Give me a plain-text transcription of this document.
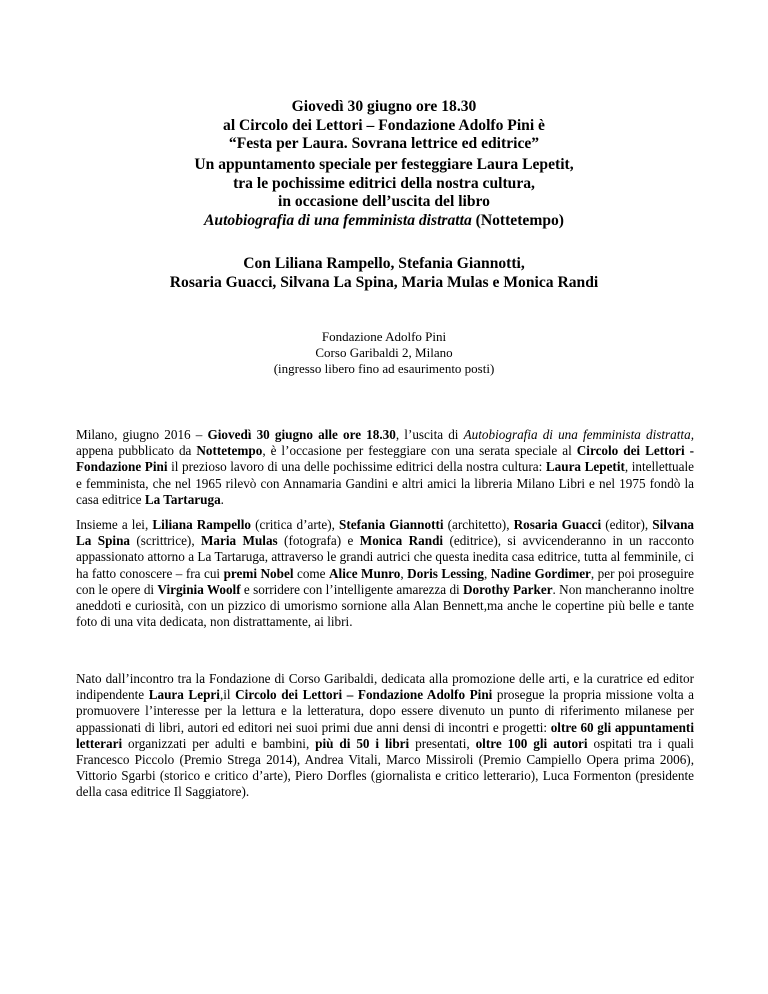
Giovedì 30 giugno ore 18.30
al Circolo dei Lettori – Fondazione Adolfo Pini è
“Festa per Laura. Sovrana lettrice ed editrice”
Un appuntamento speciale per festeggiare Laura Lepetit,
tra le pochissime editrici della nostra cultura,
in occasione dell’uscita del libro
Autobiografia di una femminista distratta (Nottetempo)
Con Liliana Rampello, Stefania Giannotti,
Rosaria Guacci, Silvana La Spina, Maria Mulas e Monica Randi
Fondazione Adolfo Pini
Corso Garibaldi 2, Milano
(ingresso libero fino ad esaurimento posti)

Milano, giugno 2016 – Giovedì 30 giugno alle ore 18.30, l’uscita di Autobiografia di una femminista distratta, appena pubblicato da Nottetempo, è l’occasione per festeggiare con una serata speciale al Circolo dei Lettori - Fondazione Pini il prezioso lavoro di una delle pochissime editrici della nostra cultura: Laura Lepetit, intellettuale e femminista, che nel 1965 rilevò con Annamaria Gandini e altri amici la libreria Milano Libri e nel 1975 fondò la casa editrice La Tartaruga.

Insieme a lei, Liliana Rampello (critica d’arte), Stefania Giannotti (architetto), Rosaria Guacci (editor), Silvana La Spina (scrittrice), Maria Mulas (fotografa) e Monica Randi (editrice), si avvicenderanno in un racconto appassionato attorno a La Tartaruga, attraverso le grandi autrici che questa inedita casa editrice, tutta al femminile, ci ha fatto conoscere – fra cui premi Nobel come Alice Munro, Doris Lessing, Nadine Gordimer, per poi proseguire con le opere di Virginia Woolf e sorridere con l’intelligente amarezza di Dorothy Parker. Non mancheranno inoltre aneddoti e curiosità, con un pizzico di umorismo sornione alla Alan Bennett,ma anche le copertine più belle e tante foto di una vita dedicata, non distrattamente, ai libri.

Nato dall’incontro tra la Fondazione di Corso Garibaldi, dedicata alla promozione delle arti, e la curatrice ed editor indipendente Laura Lepri,il Circolo dei Lettori – Fondazione Adolfo Pini prosegue la propria missione volta a promuovere l’interesse per la lettura e la letteratura, dopo essere divenuto un punto di riferimento milanese per appassionati di libri, autori ed editori nei suoi primi due anni densi di incontri e progetti: oltre 60 gli appuntamenti letterari organizzati per adulti e bambini, più di 50 i libri presentati, oltre 100 gli autori ospitati tra i quali Francesco Piccolo (Premio Strega 2014), Andrea Vitali, Marco Missiroli (Premio Campiello Opera prima 2006), Vittorio Sgarbi (storico e critico d’arte), Piero Dorfles (giornalista e critico letterario), Luca Formenton (presidente della casa editrice Il Saggiatore).
